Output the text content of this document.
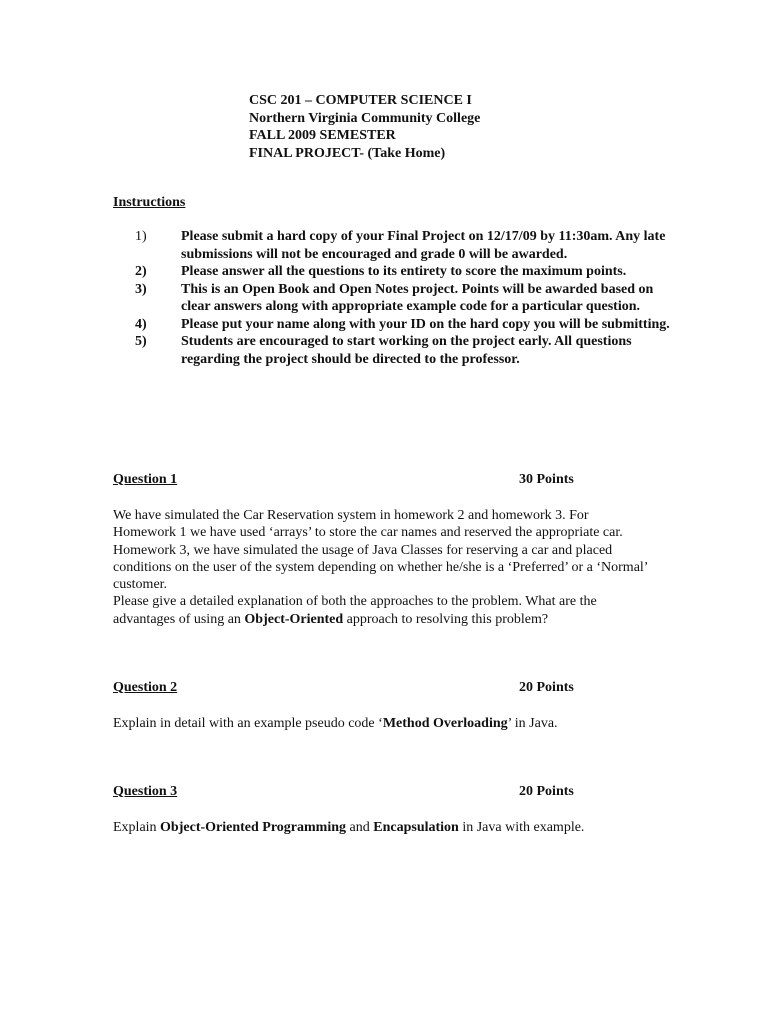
CSC 201 – COMPUTER SCIENCE I
Northern Virginia Community College
FALL 2009 SEMESTER
FINAL PROJECT- (Take Home)
Instructions
1)	Please submit a hard copy of your Final Project on 12/17/09 by 11:30am. Any late submissions will not be encouraged and grade 0 will be awarded.
2)	Please answer all the questions to its entirety to score the maximum points.
3)	This is an Open Book and Open Notes project. Points will be awarded based on clear answers along with appropriate example code for a particular question.
4)	Please put your name along with your ID on the hard copy you will be submitting.
5)	Students are encouraged to start working on the project early. All questions regarding the project should be directed to the professor.
Question 1	30 Points
We have simulated the Car Reservation system in homework 2 and homework 3. For Homework 1 we have used ‘arrays’ to store the car names and reserved the appropriate car. Homework 3, we have simulated the usage of Java Classes for reserving a car and placed conditions on the user of the system depending on whether he/she is a ‘Preferred’ or a ‘Normal’ customer.
Please give a detailed explanation of both the approaches to the problem. What are the advantages of using an Object-Oriented approach to resolving this problem?
Question 2	20 Points
Explain in detail with an example pseudo code ‘Method Overloading’ in Java.
Question 3	20 Points
Explain Object-Oriented Programming and Encapsulation in Java with example.
